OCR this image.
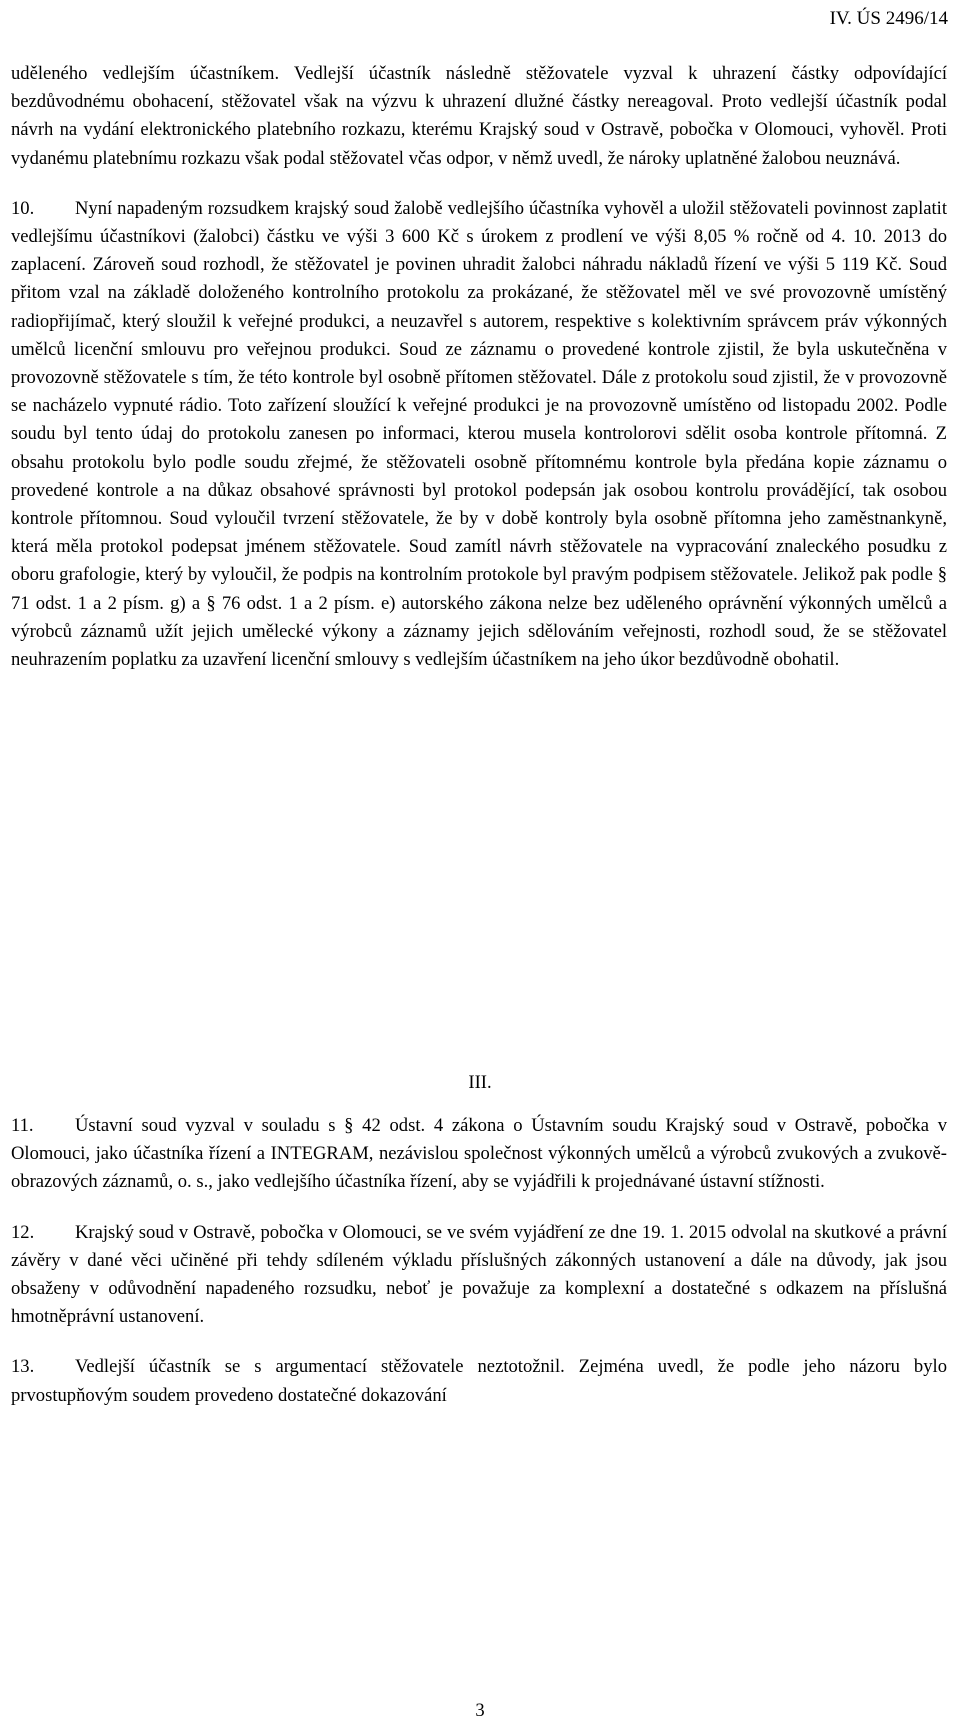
IV. ÚS 2496/14

uděleného vedlejším účastníkem. Vedlejší účastník následně stěžovatele vyzval k uhrazení částky odpovídající bezdůvodnému obohacení, stěžovatel však na výzvu k uhrazení dlužné částky nereagoval. Proto vedlejší účastník podal návrh na vydání elektronického platebního rozkazu, kterému Krajský soud v Ostravě, pobočka v Olomouci, vyhověl. Proti vydanému platebnímu rozkazu však podal stěžovatel včas odpor, v němž uvedl, že nároky uplatněné žalobou neuznává.

10. Nyní napadeným rozsudkem krajský soud žalobě vedlejšího účastníka vyhověl a uložil stěžovateli povinnost zaplatit vedlejšímu účastníkovi (žalobci) částku ve výši 3 600 Kč s úrokem z prodlení ve výši 8,05 % ročně od 4. 10. 2013 do zaplacení. Zároveň soud rozhodl, že stěžovatel je povinen uhradit žalobci náhradu nákladů řízení ve výši 5 119 Kč. Soud přitom vzal na základě doloženého kontrolního protokolu za prokázané, že stěžovatel měl ve své provozovně umístěný radiopřijímač, který sloužil k veřejné produkci, a neuzavřel s autorem, respektive s kolektivním správcem práv výkonných umělců licenční smlouvu pro veřejnou produkci. Soud ze záznamu o provedené kontrole zjistil, že byla uskutečněna v provozovně stěžovatele s tím, že této kontrole byl osobně přítomen stěžovatel. Dále z protokolu soud zjistil, že v provozovně se nacházelo vypnuté rádio. Toto zařízení sloužící k veřejné produkci je na provozovně umístěno od listopadu 2002. Podle soudu byl tento údaj do protokolu zanesen po informaci, kterou musela kontrolorovi sdělit osoba kontrole přítomná. Z obsahu protokolu bylo podle soudu zřejmé, že stěžovateli osobně přítomnému kontrole byla předána kopie záznamu o provedené kontrole a na důkaz obsahové správnosti byl protokol podepsán jak osobou kontrolu provádějící, tak osobou kontrole přítomnou. Soud vyloučil tvrzení stěžovatele, že by v době kontroly byla osobně přítomna jeho zaměstnankyně, která měla protokol podepsat jménem stěžovatele. Soud zamítl návrh stěžovatele na vypracování znaleckého posudku z oboru grafologie, který by vyloučil, že podpis na kontrolním protokole byl pravým podpisem stěžovatele. Jelikož pak podle § 71 odst. 1 a 2 písm. g) a § 76 odst. 1 a 2 písm. e) autorského zákona nelze bez uděleného oprávnění výkonných umělců a výrobců záznamů užít jejich umělecké výkony a záznamy jejich sdělováním veřejnosti, rozhodl soud, že se stěžovatel neuhrazením poplatku za uzavření licenční smlouvy s vedlejším účastníkem na jeho úkor bezdůvodně obohatil.

III.

11. Ústavní soud vyzval v souladu s § 42 odst. 4 zákona o Ústavním soudu Krajský soud v Ostravě, pobočka v Olomouci, jako účastníka řízení a INTEGRAM, nezávislou společnost výkonných umělců a výrobců zvukových a zvukově-obrazových záznamů, o. s., jako vedlejšího účastníka řízení, aby se vyjádřili k projednávané ústavní stížnosti.

12. Krajský soud v Ostravě, pobočka v Olomouci, se ve svém vyjádření ze dne 19. 1. 2015 odvolal na skutkové a právní závěry v dané věci učiněné při tehdy sdíleném výkladu příslušných zákonných ustanovení a dále na důvody, jak jsou obsaženy v odůvodnění napadeného rozsudku, neboť je považuje za komplexní a dostatečné s odkazem na příslušná hmotněprávní ustanovení.

13. Vedlejší účastník se s argumentací stěžovatele neztotožnil. Zejména uvedl, že podle jeho názoru bylo prvostupňovým soudem provedeno dostatečné dokazování

3
